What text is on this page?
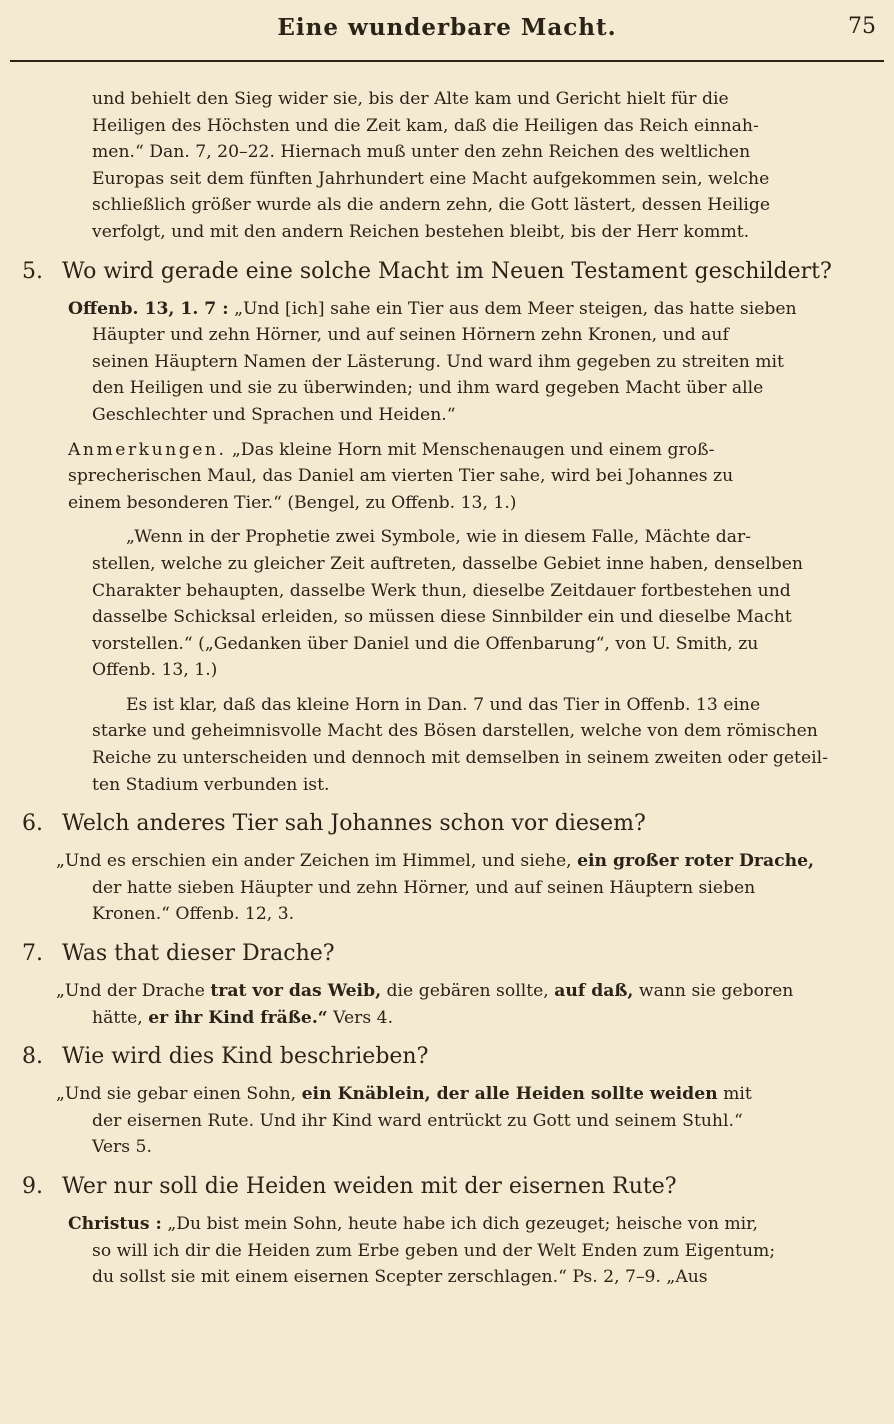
Eine wunderbare Macht.	75

und behielt den Sieg wider sie, bis der Alte kam und Gericht hielt für die

Heiligen des Höchsten und die Zeit kam, daß die Heiligen das Reich einnah-

men.“ Dan. 7, 20–22. Hiernach muß unter den zehn Reichen des weltlichen

Europas seit dem fünften Jahrhundert eine Macht aufgekommen sein, welche

schließlich größer wurde als die andern zehn, die Gott lästert, dessen Heilige

verfolgt, und mit den andern Reichen bestehen bleibt, bis der Herr kommt.

5. Wo wird gerade eine solche Macht im Neuen Testament geschildert?

Offenb. 13, 1. 7 : „Und [ich] sahe ein Tier aus dem Meer steigen, das hatte sieben

Häupter und zehn Hörner, und auf seinen Hörnern zehn Kronen, und auf

seinen Häuptern Namen der Lästerung. Und ward ihm gegeben zu streiten mit

den Heiligen und sie zu überwinden; und ihm ward gegeben Macht über alle

Geschlechter und Sprachen und Heiden.“

Anmerkungen. „Das kleine Horn mit Menschenaugen und einem groß-

sprecherischen Maul, das Daniel am vierten Tier sahe, wird bei Johannes zu

einem besonderen Tier.“ (Bengel, zu Offenb. 13, 1.)

„Wenn in der Prophetie zwei Symbole, wie in diesem Falle, Mächte dar-

stellen, welche zu gleicher Zeit auftreten, dasselbe Gebiet inne haben, denselben

Charakter behaupten, dasselbe Werk thun, dieselbe Zeitdauer fortbestehen und

dasselbe Schicksal erleiden, so müssen diese Sinnbilder ein und dieselbe Macht

vorstellen.“ („Gedanken über Daniel und die Offenbarung“, von U. Smith, zu

Offenb. 13, 1.)

Es ist klar, daß das kleine Horn in Dan. 7 und das Tier in Offenb. 13 eine

starke und geheimnisvolle Macht des Bösen darstellen, welche von dem römischen

Reiche zu unterscheiden und dennoch mit demselben in seinem zweiten oder geteil-

ten Stadium verbunden ist.

6. Welch anderes Tier sah Johannes schon vor diesem?

„Und es erschien ein ander Zeichen im Himmel, und siehe, ein großer roter Drache,

der hatte sieben Häupter und zehn Hörner, und auf seinen Häuptern sieben

Kronen.“ Offenb. 12, 3.

7. Was that dieser Drache?

„Und der Drache trat vor das Weib, die gebären sollte, auf daß, wann sie geboren

hätte, er ihr Kind fräße.“ Vers 4.

8. Wie wird dies Kind beschrieben?

„Und sie gebar einen Sohn, ein Knäblein, der alle Heiden sollte weiden mit

der eisernen Rute. Und ihr Kind ward entrückt zu Gott und seinem Stuhl.“

Vers 5.

9. Wer nur soll die Heiden weiden mit der eisernen Rute?

Christus : „Du bist mein Sohn, heute habe ich dich gezeuget; heische von mir,

so will ich dir die Heiden zum Erbe geben und der Welt Enden zum Eigentum;

du sollst sie mit einem eisernen Scepter zerschlagen.“ Ps. 2, 7–9. „Aus
